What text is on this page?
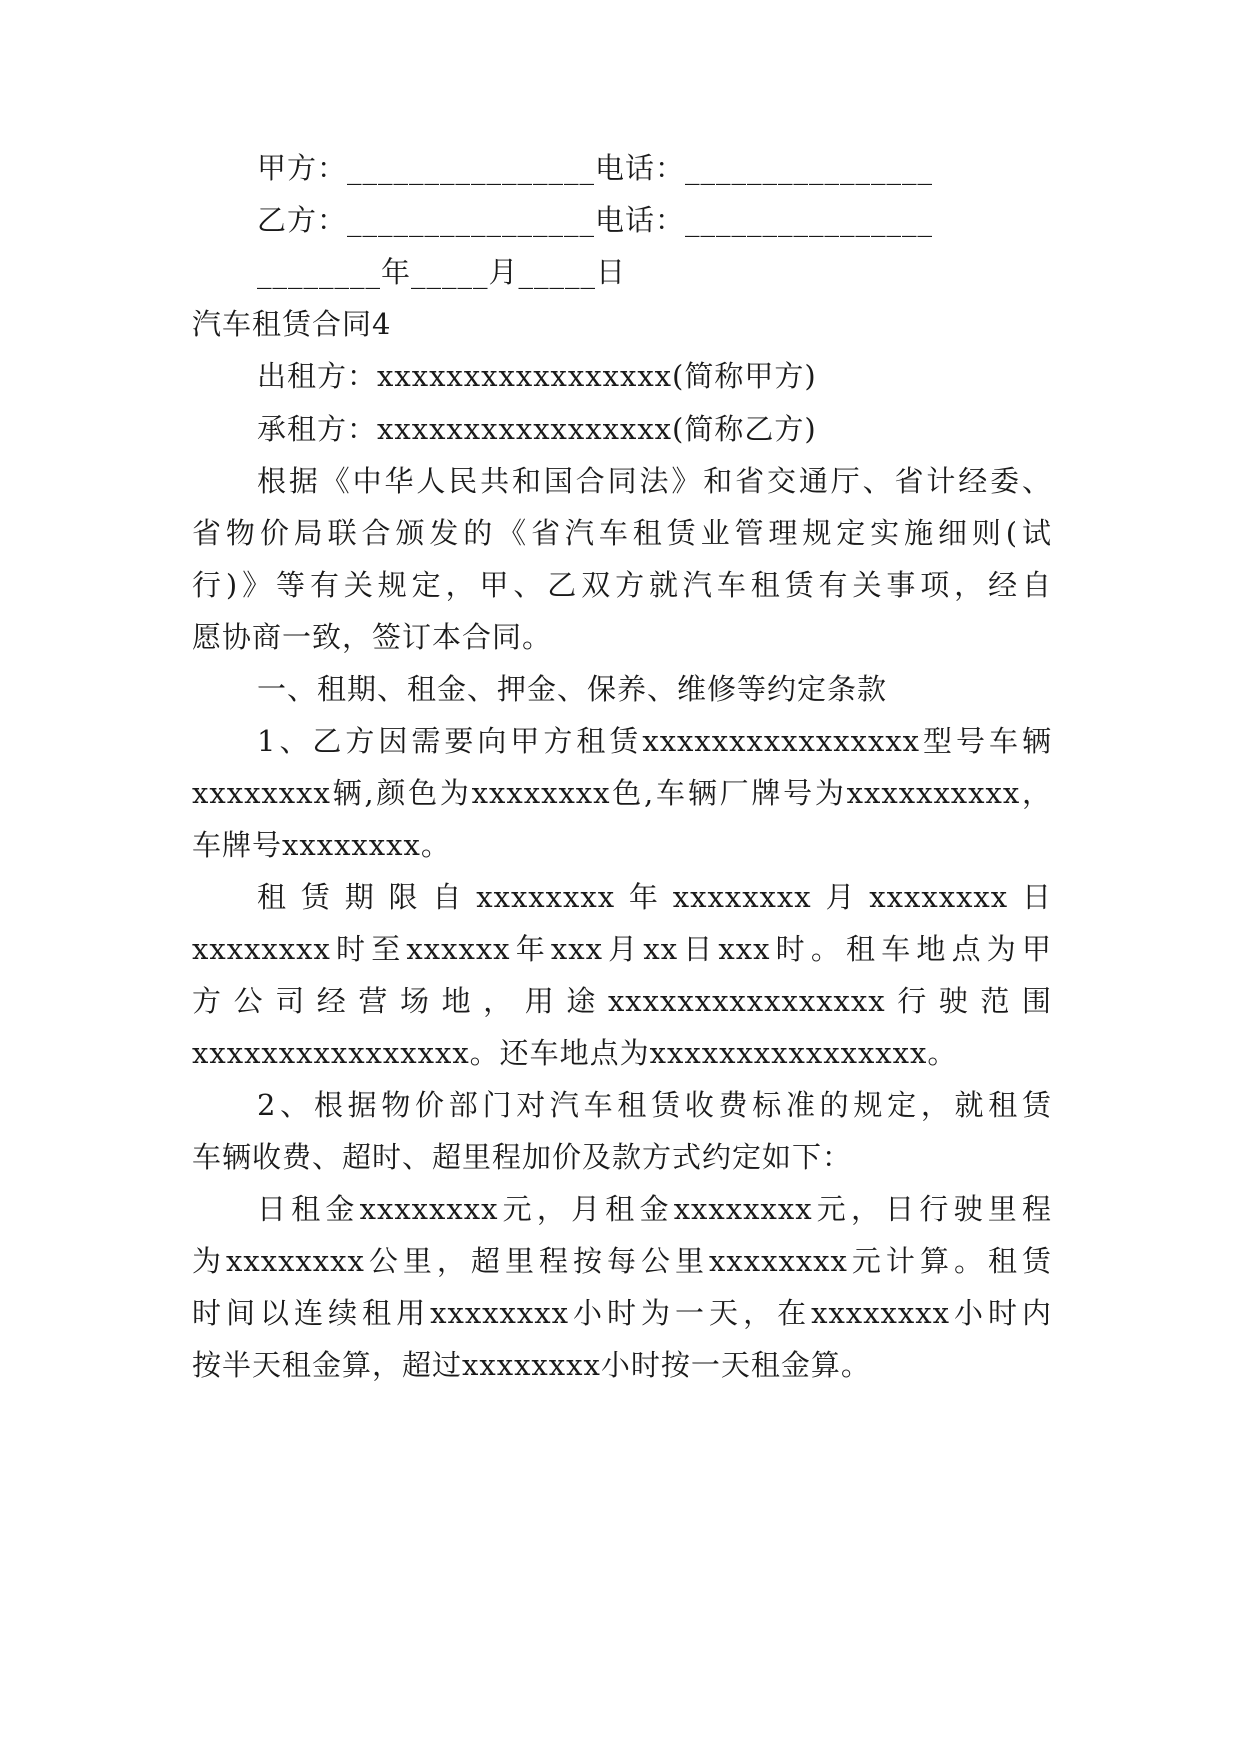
甲方：________________电话：________________
乙方：________________电话：________________
________年_____月_____日
汽车租赁合同4
出租方：xxxxxxxxxxxxxxxxx(简称甲方)
承租方：xxxxxxxxxxxxxxxxx(简称乙方)
根据《中华人民共和国合同法》和省交通厅、省计经委、
省物价局联合颁发的《省汽车租赁业管理规定实施细则(试
行)》等有关规定，甲、乙双方就汽车租赁有关事项，经自
愿协商一致，签订本合同。
一、租期、租金、押金、保养、维修等约定条款
1、乙方因需要向甲方租赁xxxxxxxxxxxxxxxx型号车辆
xxxxxxxx辆,颜色为xxxxxxxx色,车辆厂牌号为xxxxxxxxxx，
车牌号xxxxxxxx。
租赁期限自xxxxxxxx年xxxxxxxx月xxxxxxxx日
xxxxxxxx时至xxxxxx年xxx月xx日xxx时。租车地点为甲
方公司经营场地，用途xxxxxxxxxxxxxxxx行驶范围
xxxxxxxxxxxxxxxx。还车地点为xxxxxxxxxxxxxxxx。
2、根据物价部门对汽车租赁收费标准的规定，就租赁
车辆收费、超时、超里程加价及款方式约定如下：
日租金xxxxxxxx元，月租金xxxxxxxx元，日行驶里程
为xxxxxxxx公里，超里程按每公里xxxxxxxx元计算。租赁
时间以连续租用xxxxxxxx小时为一天，在xxxxxxxx小时内
按半天租金算，超过xxxxxxxx小时按一天租金算。
